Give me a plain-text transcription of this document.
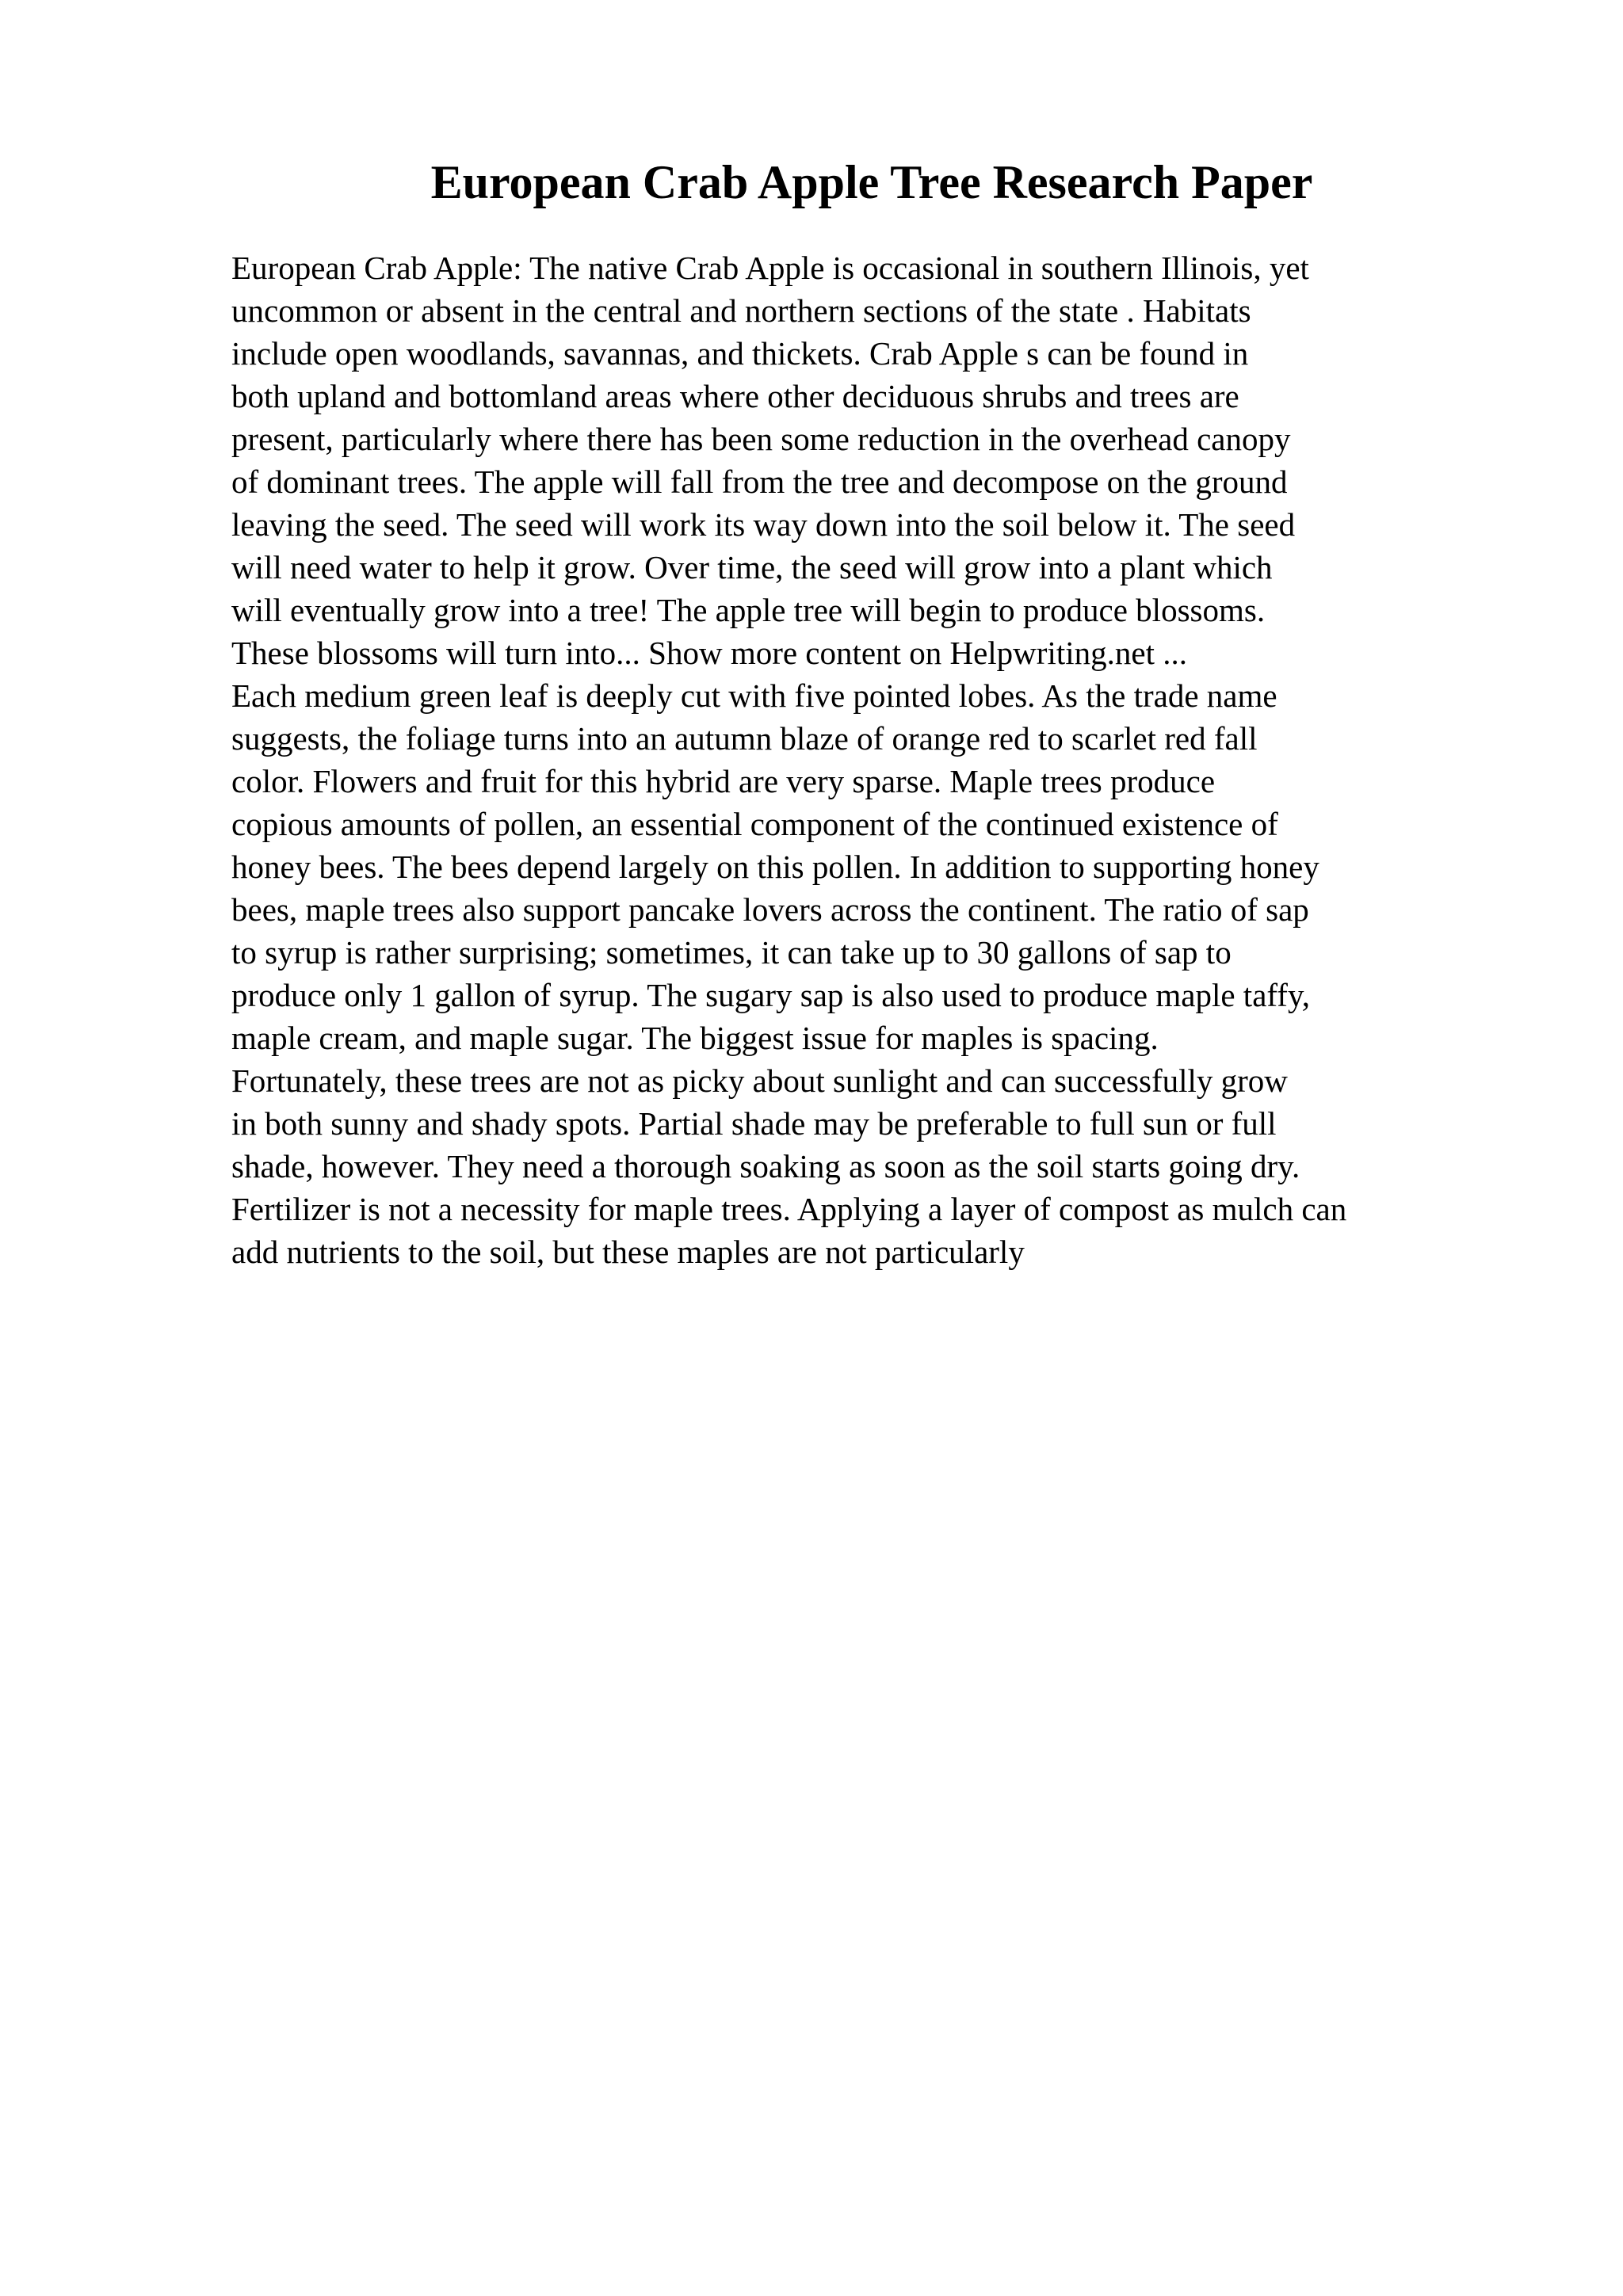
European Crab Apple Tree Research Paper
European Crab Apple: The native Crab Apple is occasional in southern Illinois, yet
uncommon or absent in the central and northern sections of the state . Habitats
include open woodlands, savannas, and thickets. Crab Apple s can be found in
both upland and bottomland areas where other deciduous shrubs and trees are
present, particularly where there has been some reduction in the overhead canopy
of dominant trees. The apple will fall from the tree and decompose on the ground
leaving the seed. The seed will work its way down into the soil below it. The seed
will need water to help it grow. Over time, the seed will grow into a plant which
will eventually grow into a tree! The apple tree will begin to produce blossoms.
These blossoms will turn into... Show more content on Helpwriting.net ...
Each medium green leaf is deeply cut with five pointed lobes. As the trade name
suggests, the foliage turns into an autumn blaze of orange red to scarlet red fall
color. Flowers and fruit for this hybrid are very sparse. Maple trees produce
copious amounts of pollen, an essential component of the continued existence of
honey bees. The bees depend largely on this pollen. In addition to supporting honey
bees, maple trees also support pancake lovers across the continent. The ratio of sap
to syrup is rather surprising; sometimes, it can take up to 30 gallons of sap to
produce only 1 gallon of syrup. The sugary sap is also used to produce maple taffy,
maple cream, and maple sugar. The biggest issue for maples is spacing.
Fortunately, these trees are not as picky about sunlight and can successfully grow
in both sunny and shady spots. Partial shade may be preferable to full sun or full
shade, however. They need a thorough soaking as soon as the soil starts going dry.
Fertilizer is not a necessity for maple trees. Applying a layer of compost as mulch can
add nutrients to the soil, but these maples are not particularly
